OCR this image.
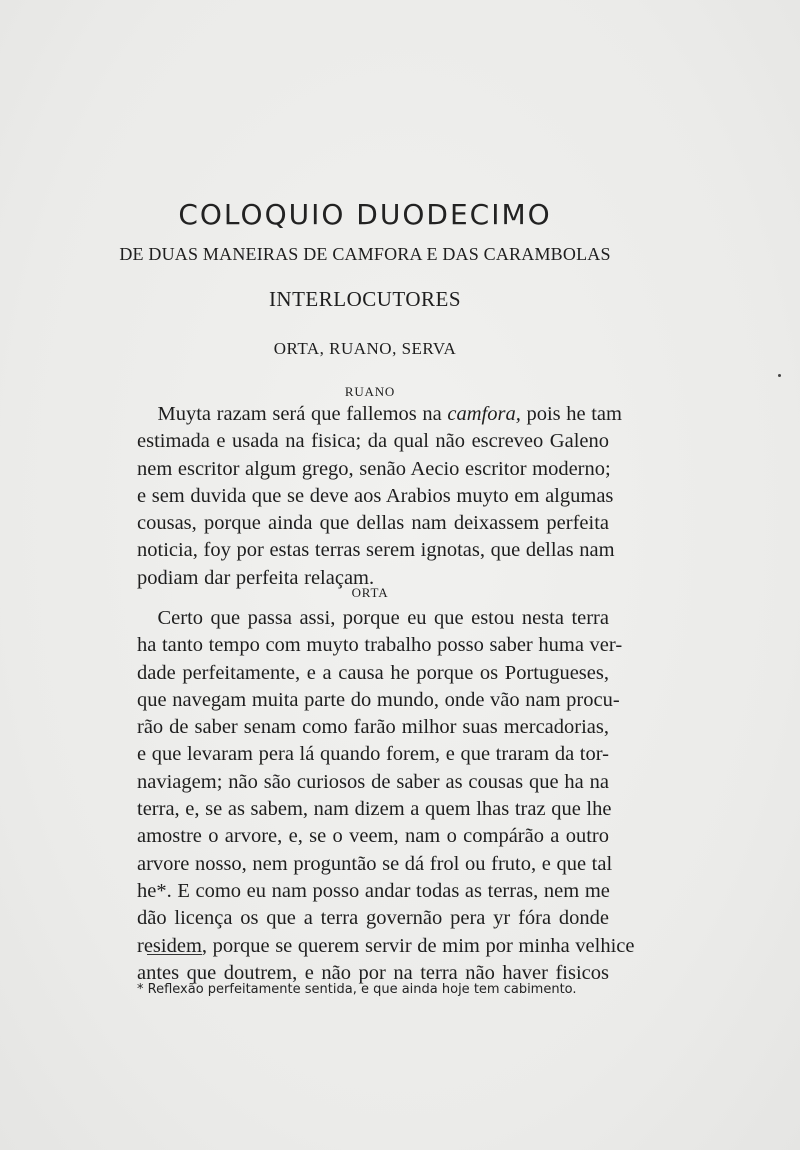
COLOQUIO DUODECIMO
DE DUAS MANEIRAS DE CAMFORA E DAS CARAMBOLAS
INTERLOCUTORES
ORTA, RUANO, SERVA
RUANO
 Muyta razam será que fallemos na camfora, pois he tam
estimada e usada na fisica; da qual não escreveo Galeno
nem escritor algum grego, senão Aecio escritor moderno;
e sem duvida que se deve aos Arabios muyto em algumas
cousas, porque ainda que dellas nam deixassem perfeita
noticia, foy por estas terras serem ignotas, que dellas nam
podiam dar perfeita relaçam.
ORTA
 Certo que passa assi, porque eu que estou nesta terra
ha tanto tempo com muyto trabalho posso saber huma ver-
dade perfeitamente, e a causa he porque os Portugueses,
que navegam muita parte do mundo, onde vão nam procu-
rão de saber senam como farão milhor suas mercadorias,
e que levaram pera lá quando forem, e que traram da tor-
naviagem; não são curiosos de saber as cousas que ha na
terra, e, se as sabem, nam dizem a quem lhas traz que lhe
amostre o arvore, e, se o veem, nam o compárão a outro
arvore nosso, nem proguntão se dá frol ou fruto, e que tal
he*. E como eu nam posso andar todas as terras, nem me
dão licença os que a terra governão pera yr fóra donde
residem, porque se querem servir de mim por minha velhice
antes que doutrem, e não por na terra não haver fisicos
* Reflexão perfeitamente sentida, e que ainda hoje tem cabimento.
